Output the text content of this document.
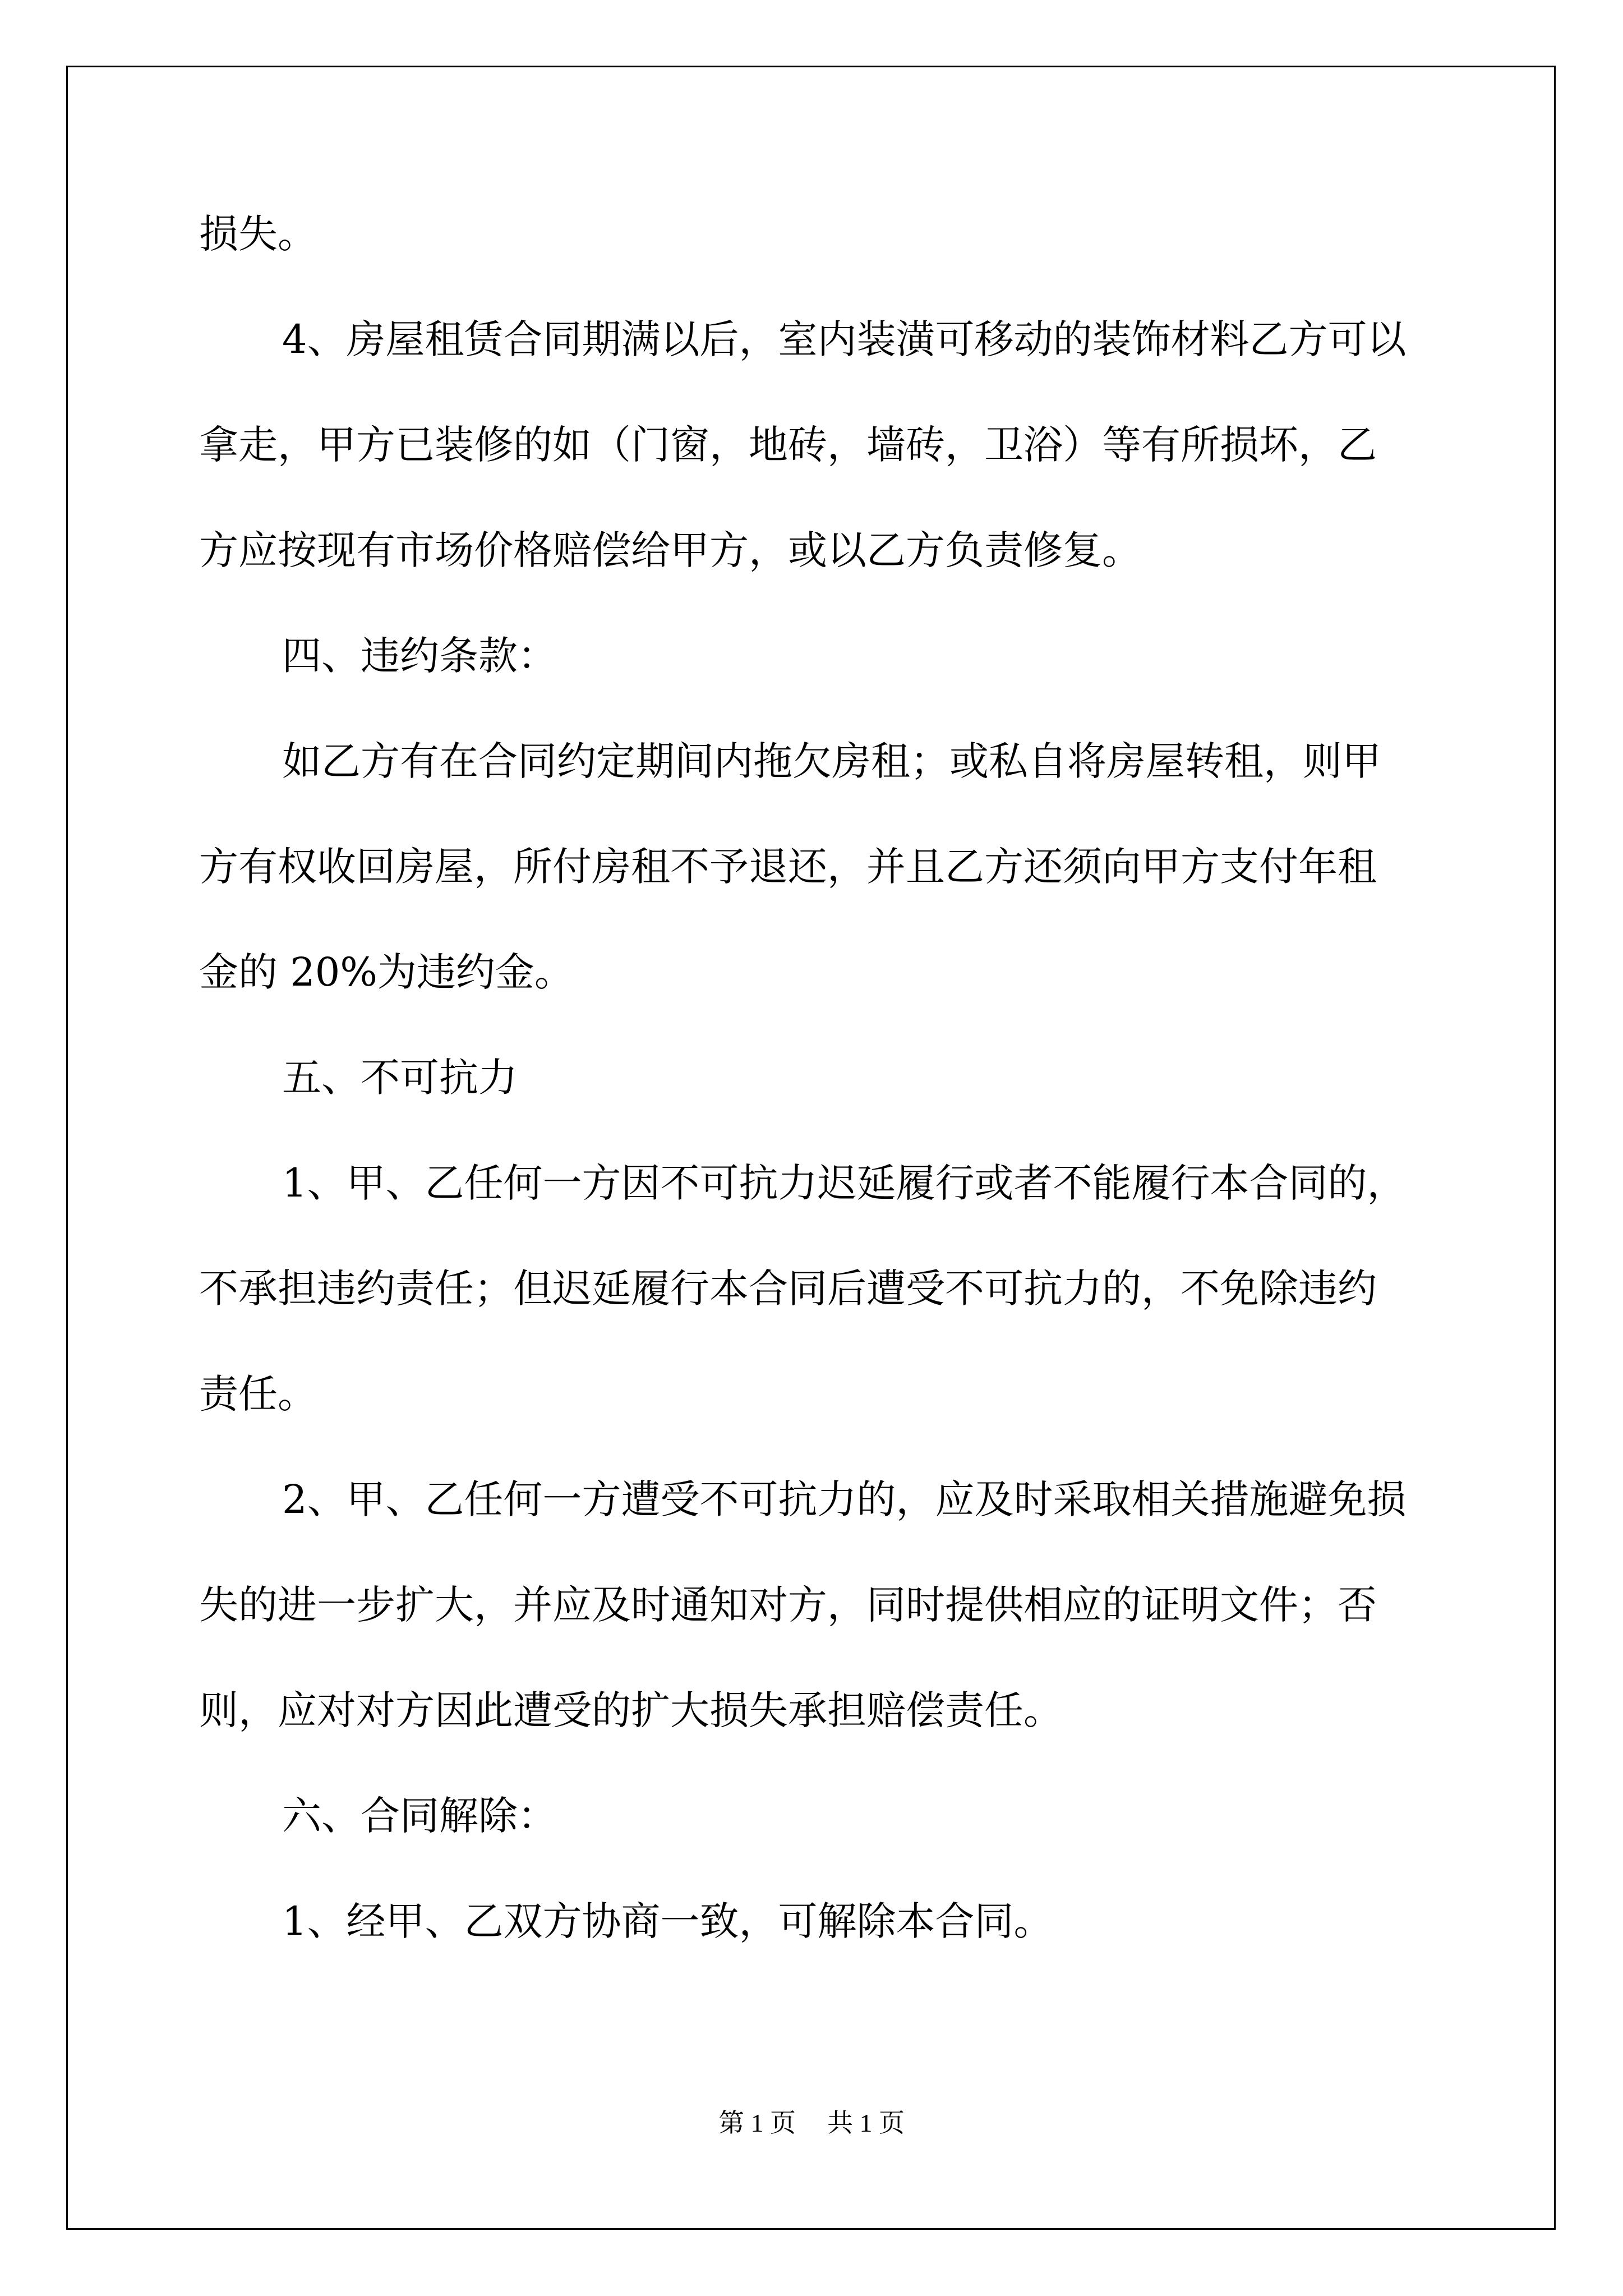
损失。
4、房屋租赁合同期满以后，室内装潢可移动的装饰材料乙方可以
拿走，甲方已装修的如（门窗，地砖，墙砖，卫浴）等有所损坏，乙
方应按现有市场价格赔偿给甲方，或以乙方负责修复。
四、违约条款：
如乙方有在合同约定期间内拖欠房租；或私自将房屋转租，则甲
方有权收回房屋，所付房租不予退还，并且乙方还须向甲方支付年租
金的 20%为违约金。
五、不可抗力
1、甲、乙任何一方因不可抗力迟延履行或者不能履行本合同的，
不承担违约责任；但迟延履行本合同后遭受不可抗力的，不免除违约
责任。
2、甲、乙任何一方遭受不可抗力的，应及时采取相关措施避免损
失的进一步扩大，并应及时通知对方，同时提供相应的证明文件；否
则，应对对方因此遭受的扩大损失承担赔偿责任。
六、合同解除：
1、经甲、乙双方协商一致，可解除本合同。
第 1 页 共 1 页
